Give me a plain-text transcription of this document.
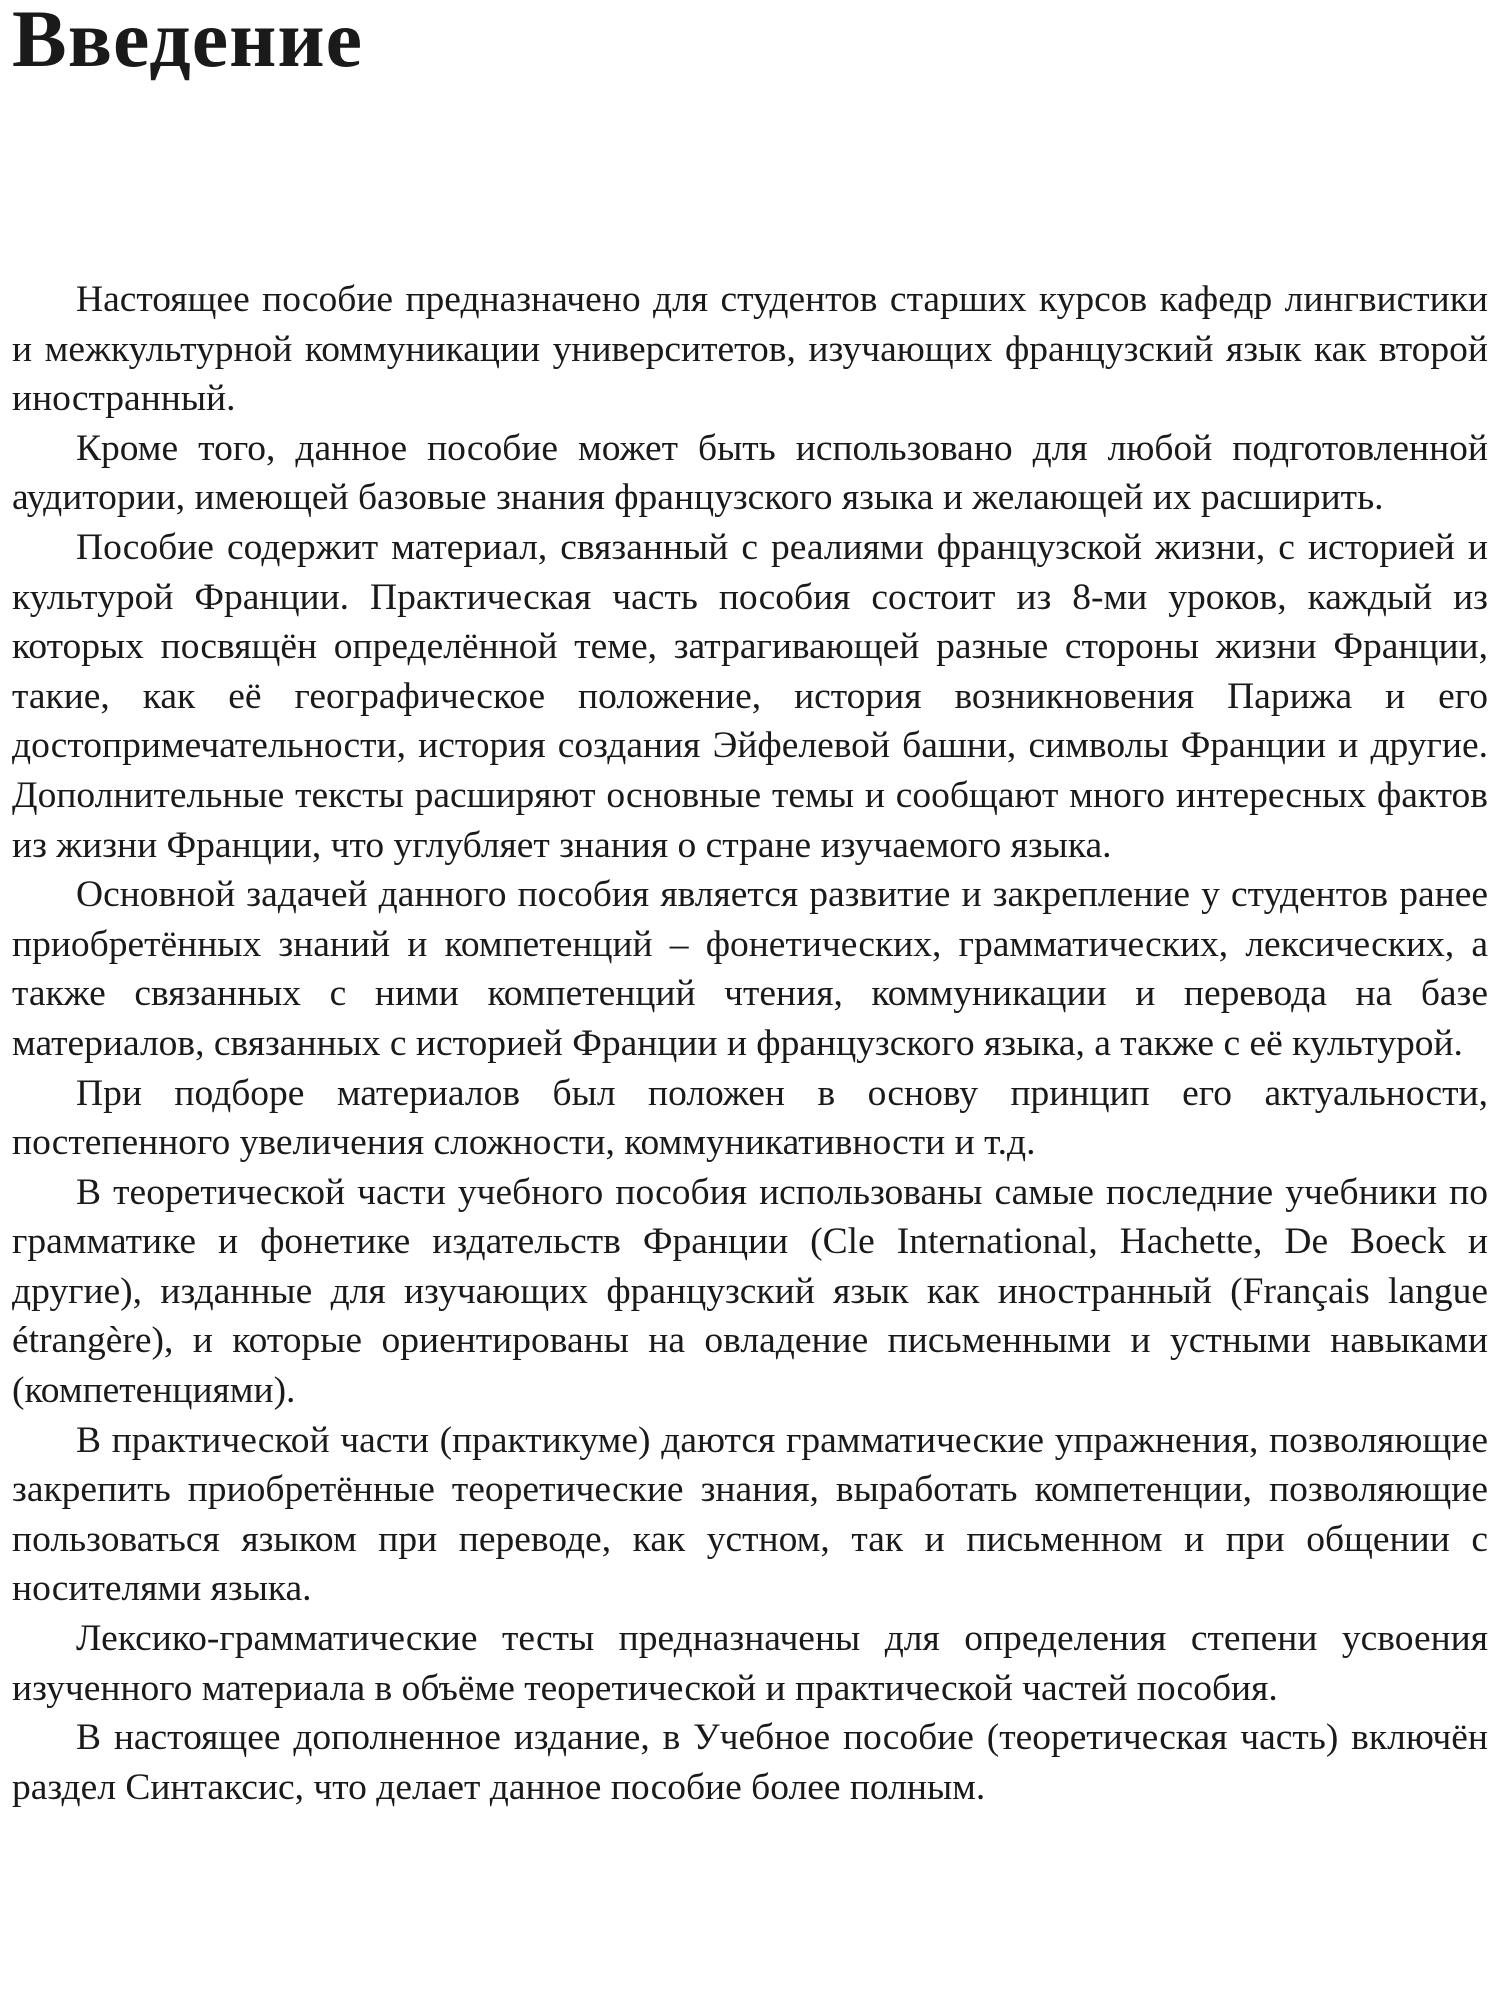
Введение

Настоящее пособие предназначено для студентов старших курсов кафедр лингвистики и межкультурной коммуникации университетов, изучающих французский язык как второй иностранный.

Кроме того, данное пособие может быть использовано для любой подготовленной аудитории, имеющей базовые знания французского языка и желающей их расширить.

Пособие содержит материал, связанный с реалиями французской жизни, с историей и культурой Франции. Практическая часть пособия состоит из 8-ми уроков, каждый из которых посвящён определённой теме, затрагивающей разные стороны жизни Франции, такие, как её географическое положение, история возникновения Парижа и его достопримечательности, история создания Эйфелевой башни, символы Франции и другие. Дополнительные тексты расширяют основные темы и сообщают много интересных фактов из жизни Франции, что углубляет знания о стране изучаемого языка.

Основной задачей данного пособия является развитие и закрепление у студентов ранее приобретённых знаний и компетенций – фонетических, грамматических, лексических, а также связанных с ними компетенций чтения, коммуникации и перевода на базе материалов, связанных с историей Франции и французского языка, а также с её культурой.

При подборе материалов был положен в основу принцип его актуальности, постепенного увеличения сложности, коммуникативности и т.д.

В теоретической части учебного пособия использованы самые последние учебники по грамматике и фонетике издательств Франции (Cle International, Hachette, De Boeck и другие), изданные для изучающих французский язык как иностранный (Français langue étrangère), и которые ориентированы на овладение письменными и устными навыками (компетенциями).

В практической части (практикуме) даются грамматические упражнения, позволяющие закрепить приобретённые теоретические знания, выработать компетенции, позволяющие пользоваться языком при переводе, как устном, так и письменном и при общении с носителями языка.

Лексико-грамматические тесты предназначены для определения степени усвоения изученного материала в объёме теоретической и практической частей пособия.

В настоящее дополненное издание, в Учебное пособие (теоретическая часть) включён раздел Синтаксис, что делает данное пособие более полным.
